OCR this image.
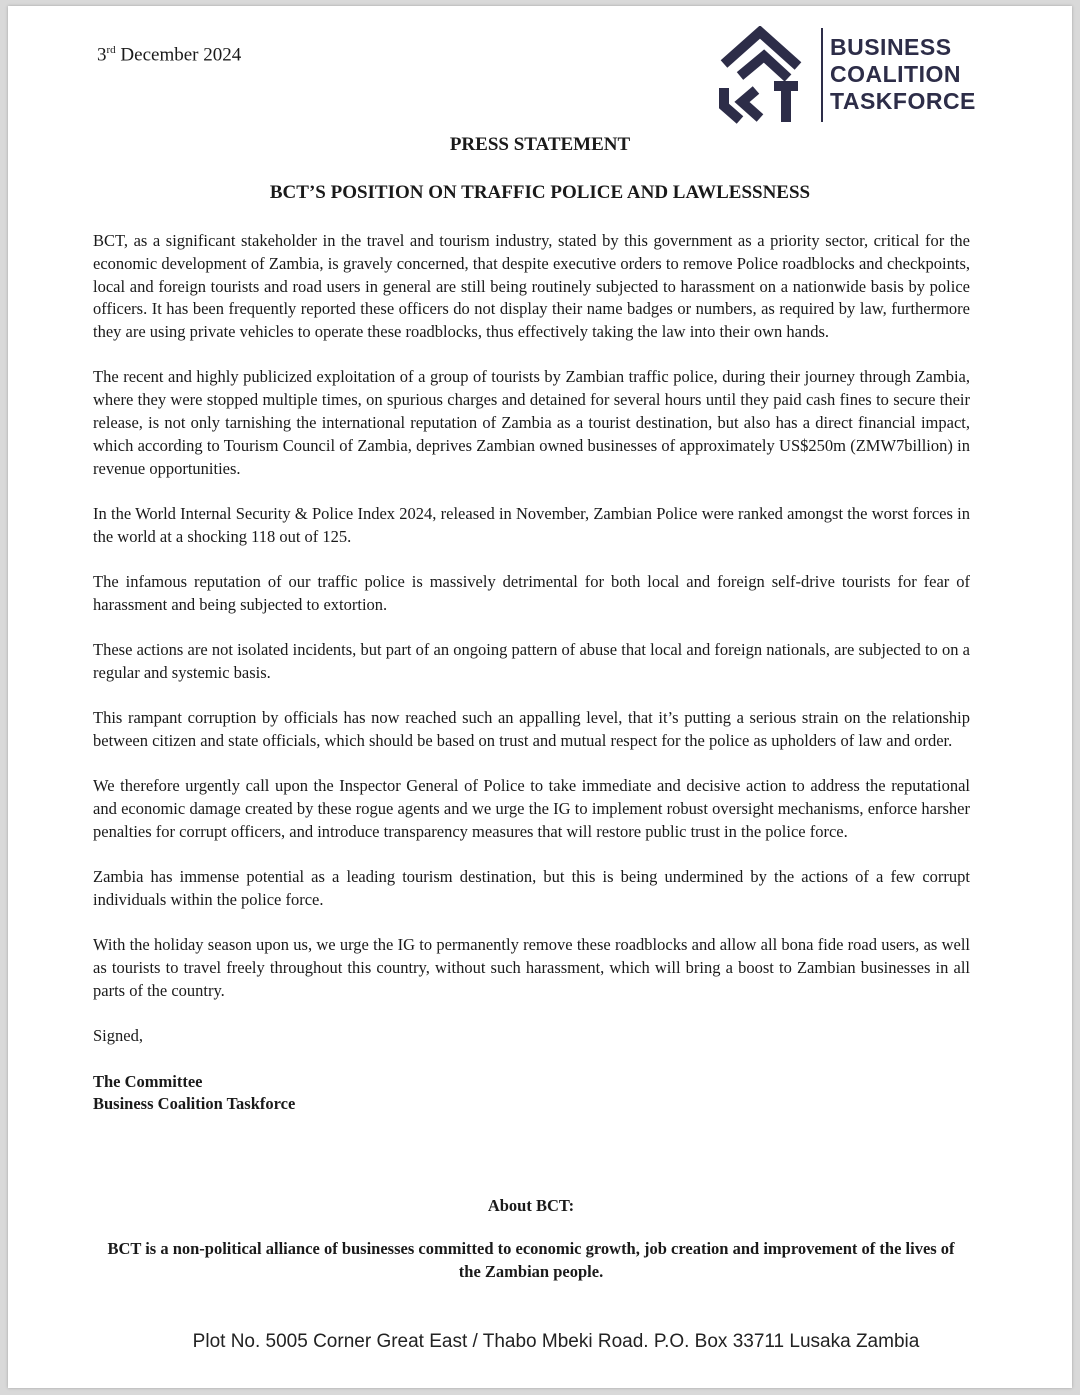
3rd December 2024	BUSINESS
COALITION
TASKFORCE
PRESS STATEMENT
BCT’S POSITION ON TRAFFIC POLICE AND LAWLESSNESS

BCT, as a significant stakeholder in the travel and tourism industry, stated by this government as a priority sector, critical for the economic development of Zambia, is gravely concerned, that despite executive orders to remove Police roadblocks and checkpoints, local and foreign tourists and road users in general are still being routinely subjected to harassment on a nationwide basis by police officers. It has been frequently reported these officers do not display their name badges or numbers, as required by law, furthermore they are using private vehicles to operate these roadblocks, thus effectively taking the law into their own hands.

The recent and highly publicized exploitation of a group of tourists by Zambian traffic police, during their journey through Zambia, where they were stopped multiple times, on spurious charges and detained for several hours until they paid cash fines to secure their release, is not only tarnishing the international reputation of Zambia as a tourist destination, but also has a direct financial impact, which according to Tourism Council of Zambia, deprives Zambian owned businesses of approximately US$250m (ZMW7billion) in revenue opportunities.

In the World Internal Security & Police Index 2024, released in November, Zambian Police were ranked amongst the worst forces in the world at a shocking 118 out of 125.

The infamous reputation of our traffic police is massively detrimental for both local and foreign self-drive tourists for fear of harassment and being subjected to extortion.

These actions are not isolated incidents, but part of an ongoing pattern of abuse that local and foreign nationals, are subjected to on a regular and systemic basis.

This rampant corruption by officials has now reached such an appalling level, that it’s putting a serious strain on the relationship between citizen and state officials, which should be based on trust and mutual respect for the police as upholders of law and order.

We therefore urgently call upon the Inspector General of Police to take immediate and decisive action to address the reputational and economic damage created by these rogue agents and we urge the IG to implement robust oversight mechanisms, enforce harsher penalties for corrupt officers, and introduce transparency measures that will restore public trust in the police force.

Zambia has immense potential as a leading tourism destination, but this is being undermined by the actions of a few corrupt individuals within the police force.

With the holiday season upon us, we urge the IG to permanently remove these roadblocks and allow all bona fide road users, as well as tourists to travel freely throughout this country, without such harassment, which will bring a boost to Zambian businesses in all parts of the country.

Signed,

The Committee
Business Coalition Taskforce
About BCT:
BCT is a non-political alliance of businesses committed to economic growth, job creation and improvement of the lives of the Zambian people.
Plot No. 5005 Corner Great East / Thabo Mbeki Road. P.O. Box 33711 Lusaka Zambia
